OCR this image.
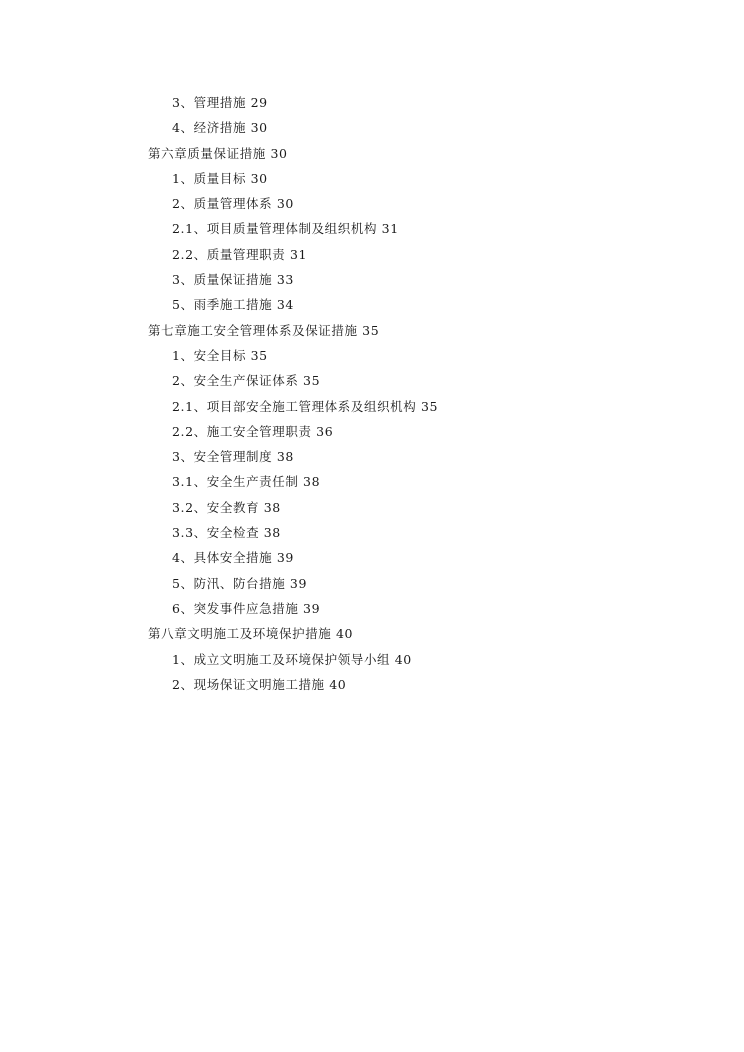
3、管理措施 29
4、经济措施 30
第六章质量保证措施 30
1、质量目标 30
2、质量管理体系 30
2.1、项目质量管理体制及组织机构 31
2.2、质量管理职责 31
3、质量保证措施 33
5、雨季施工措施 34
第七章施工安全管理体系及保证措施 35
1、安全目标 35
2、安全生产保证体系 35
2.1、项目部安全施工管理体系及组织机构 35
2.2、施工安全管理职责 36
3、安全管理制度 38
3.1、安全生产责任制 38
3.2、安全教育 38
3.3、安全检查 38
4、具体安全措施 39
5、防汛、防台措施 39
6、突发事件应急措施 39
第八章文明施工及环境保护措施 40
1、成立文明施工及环境保护领导小组 40
2、现场保证文明施工措施 40
